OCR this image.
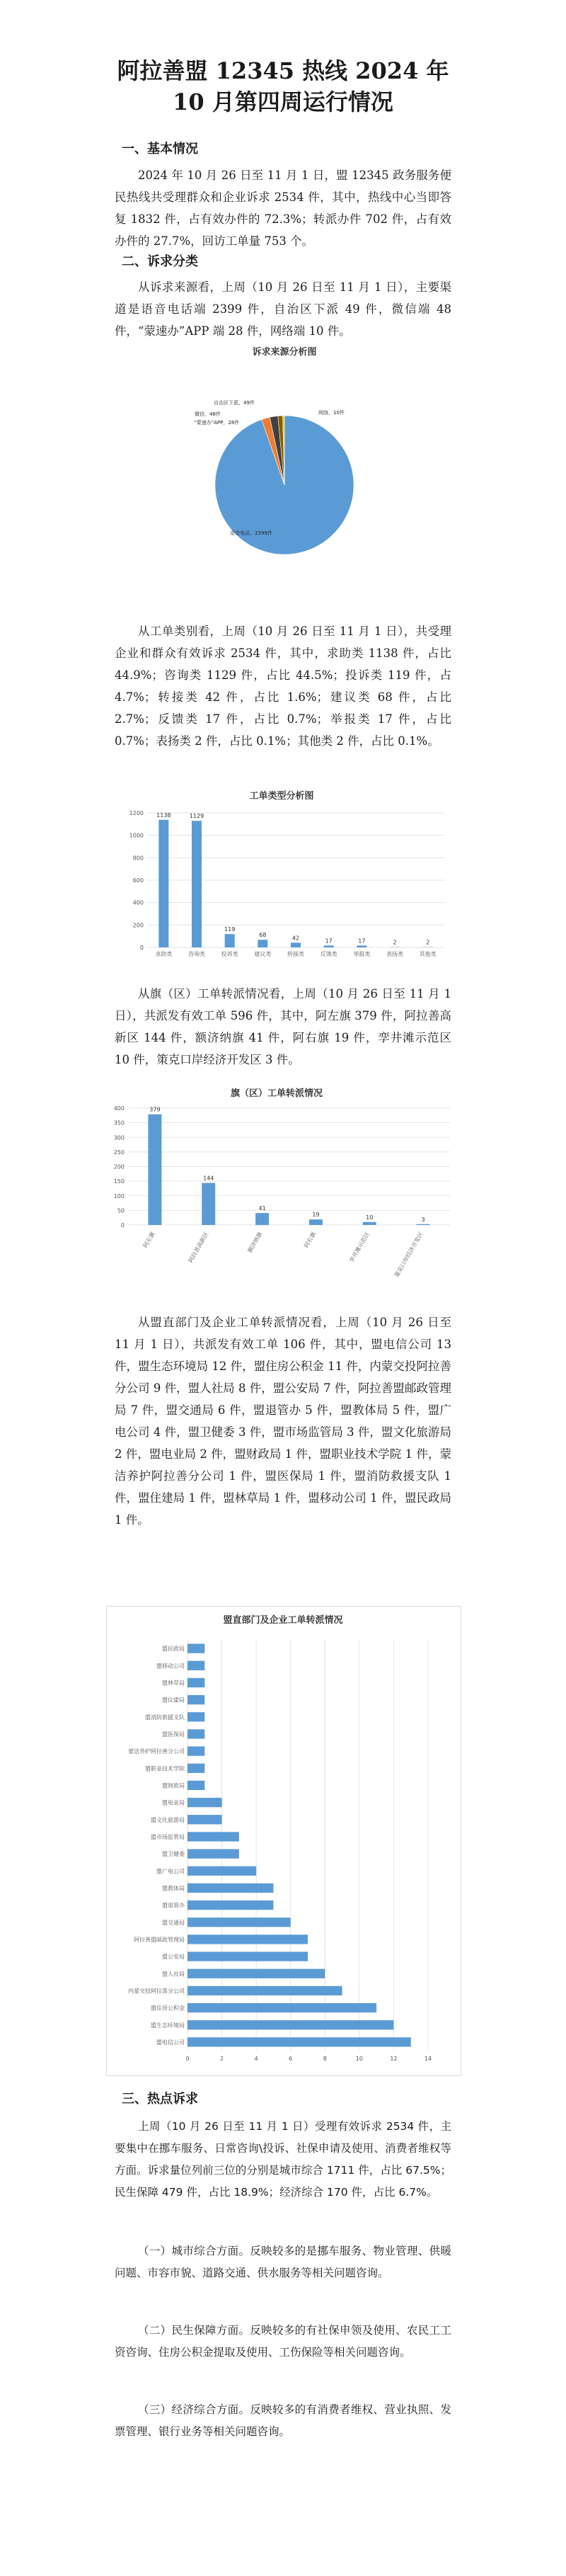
阿拉善盟 12345 热线 2024 年
10 月第四周运行情况
一、基本情况

2024 年 10 月 26 日至 11 月 1 日，盟 12345 政务服务便民热线共受理群众和企业诉求 2534 件，其中，热线中心当即答复 1832 件，占有效办件的 72.3%；转派办件 702 件，占有效办件的 27.7%，回访工单量 753 个。

二、诉求分类

从诉求来源看，上周（10 月 26 日至 11 月 1 日），主要渠道是语音电话端 2399 件，自治区下派 49 件，微信端 48 件，“蒙速办”APP 端 28 件，网络端 10 件。

诉求来源分析图
语音电话，2399件
自治区下派，49件
微信，48件
“蒙速办”APP，28件
网络，10件

从工单类别看，上周（10 月 26 日至 11 月 1 日），共受理企业和群众有效诉求 2534 件，其中，求助类 1138 件，占比 44.9%；咨询类 1129 件，占比 44.5%；投诉类 119 件，占 4.7%；转接类 42 件，占比 1.6%；建议类 68 件，占比 2.7%；反馈类 17 件，占比 0.7%；举报类 17 件，占比 0.7%；表扬类 2 件，占比 0.1%；其他类 2 件，占比 0.1%。

工单类型分析图
0
200
400
600
800
1000
1200 1138
求助类
1129
咨询类
119
投诉类
68
建议类
42
转接类
17
反馈类
17
举报类
2
表扬类
2
其他类

从旗（区）工单转派情况看，上周（10 月 26 日至 11 月 1 日），共派发有效工单 596 件，其中，阿左旗 379 件，阿拉善高新区 144 件，额济纳旗 41 件，阿右旗 19 件，孪井滩示范区 10 件，策克口岸经济开发区 3 件。

旗（区）工单转派情况
0
50
100
150
200
250
300
350
400	379
阿左旗
144
阿拉善高新区
41
额济纳旗
19
阿右旗
10
孪井滩示范区
3
策克口岸经济开发区

从盟直部门及企业工单转派情况看，上周（10 月 26 日至 11 月 1 日），共派发有效工单 106 件，其中，盟电信公司 13 件，盟生态环境局 12 件，盟住房公积金 11 件，内蒙交投阿拉善分公司 9 件，盟人社局 8 件，盟公安局 7 件，阿拉善盟邮政管理局 7 件，盟交通局 6 件，盟退管办 5 件，盟教体局 5 件，盟广电公司 4 件，盟卫健委 3 件，盟市场监管局 3 件，盟文化旅游局 2 件，盟电业局 2 件，盟财政局 1 件，盟职业技术学院 1 件，蒙洁养护阿拉善分公司 1 件，盟医保局 1 件，盟消防救援支队 1 件，盟住建局 1 件，盟林草局 1 件，盟移动公司 1 件，盟民政局 1 件。

盟直部门及企业工单转派情况
0	2	4	6	8	10	12	14
盟电信公司
盟生态环境局
盟住房公积金
内蒙交投阿拉善分公司
盟人社局
盟公安局
阿拉善盟邮政管理局
盟交通局
盟退管办
盟教体局
盟广电公司
盟卫健委
盟市场监管局
盟文化旅游局
盟电业局
盟财政局
盟职业技术学院
蒙洁养护阿拉善分公司
盟医保局
盟消防救援支队
盟住建局
盟林草局
盟移动公司
盟民政局
三、热点诉求

上周（10 月 26 日至 11 月 1 日）受理有效诉求 2534 件，主要集中在挪车服务、日常咨询\投诉、社保申请及使用、消费者维权等方面。诉求量位列前三位的分别是城市综合 1711 件，占比 67.5%；民生保障 479 件，占比 18.9%；经济综合 170 件，占比 6.7%。

（一）城市综合方面。反映较多的是挪车服务、物业管理、供暖问题、市容市貌、道路交通、供水服务等相关问题咨询。

（二）民生保障方面。反映较多的有社保申领及使用、农民工工资咨询、住房公积金提取及使用、工伤保险等相关问题咨询。

（三）经济综合方面。反映较多的有消费者维权、营业执照、发票管理、银行业务等相关问题咨询。
